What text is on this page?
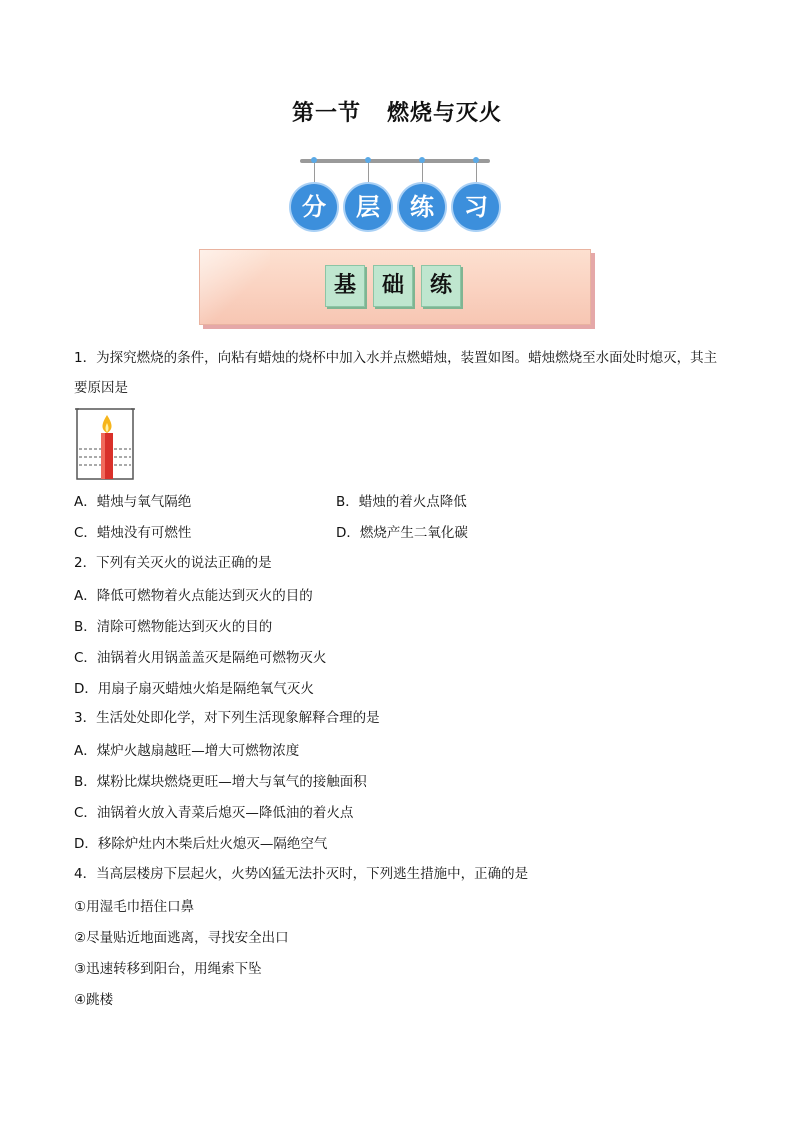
第一节 燃烧与灭火
分	层	练	习
基	础	练
1．为探究燃烧的条件，向粘有蜡烛的烧杯中加入水并点燃蜡烛，装置如图。蜡烛燃烧至水面处时熄灭，其主要原因是
A．蜡烛与氧气隔绝	B．蜡烛的着火点降低
C．蜡烛没有可燃性	D．燃烧产生二氧化碳
2．下列有关灭火的说法正确的是
A．降低可燃物着火点能达到灭火的目的
B．清除可燃物能达到灭火的目的
C．油锅着火用锅盖盖灭是隔绝可燃物灭火
D．用扇子扇灭蜡烛火焰是隔绝氧气灭火
3．生活处处即化学，对下列生活现象解释合理的是
A．煤炉火越扇越旺—增大可燃物浓度
B．煤粉比煤块燃烧更旺—增大与氧气的接触面积
C．油锅着火放入青菜后熄灭—降低油的着火点
D．移除炉灶内木柴后灶火熄灭—隔绝空气
4．当高层楼房下层起火，火势凶猛无法扑灭时，下列逃生措施中，正确的是
①用湿毛巾捂住口鼻
②尽量贴近地面逃离，寻找安全出口
③迅速转移到阳台，用绳索下坠
④跳楼
